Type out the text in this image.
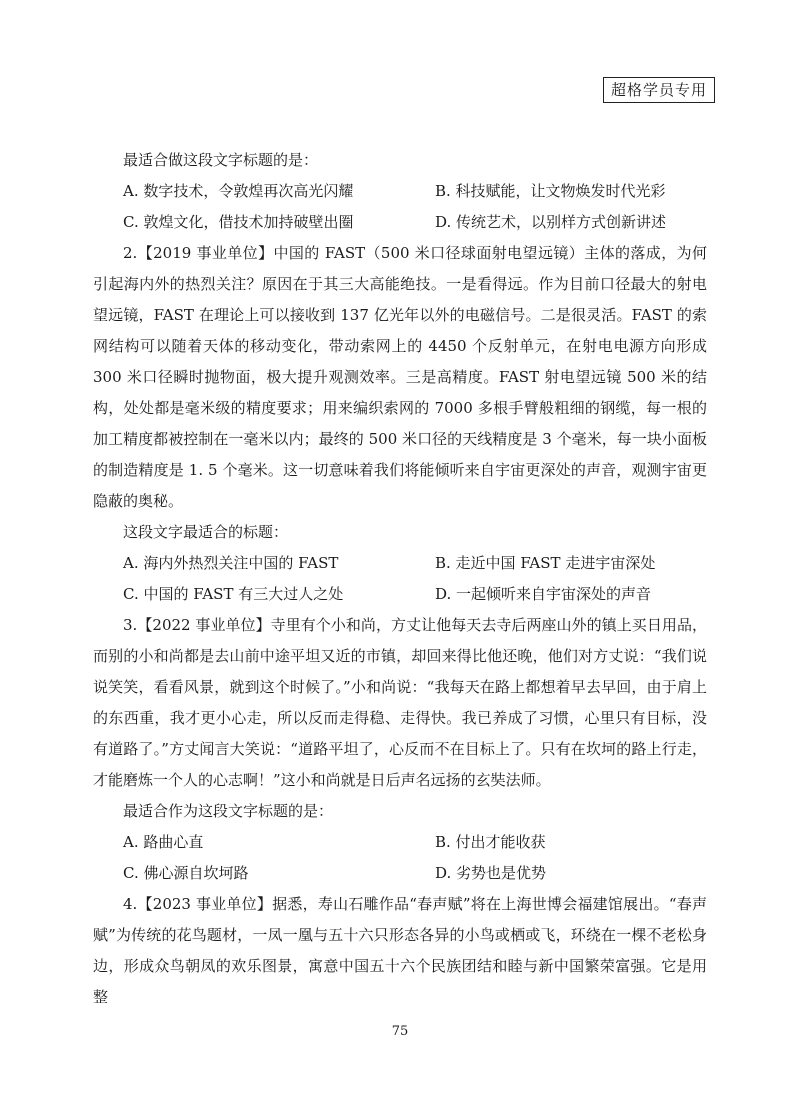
超格学员专用

最适合做这段文字标题的是：

A. 数字技术，令敦煌再次高光闪耀	B. 科技赋能，让文物焕发时代光彩
C. 敦煌文化，借技术加持破壁出圈	D. 传统艺术，以别样方式创新讲述

2.【2019 事业单位】中国的 FAST（500 米口径球面射电望远镜）主体的落成，为何引起海内外的热烈关注？原因在于其三大高能绝技。一是看得远。作为目前口径最大的射电望远镜，FAST 在理论上可以接收到 137 亿光年以外的电磁信号。二是很灵活。FAST 的索网结构可以随着天体的移动变化，带动索网上的 4450 个反射单元，在射电电源方向形成 300 米口径瞬时抛物面，极大提升观测效率。三是高精度。FAST 射电望远镜 500 米的结构，处处都是毫米级的精度要求；用来编织索网的 7000 多根手臂般粗细的钢缆，每一根的加工精度都被控制在一毫米以内；最终的 500 米口径的天线精度是 3 个毫米，每一块小面板的制造精度是 1. 5 个毫米。这一切意味着我们将能倾听来自宇宙更深处的声音，观测宇宙更隐蔽的奥秘。

这段文字最适合的标题：

A. 海内外热烈关注中国的 FAST	B. 走近中国 FAST 走进宇宙深处
C. 中国的 FAST 有三大过人之处	D. 一起倾听来自宇宙深处的声音

3.【2022 事业单位】寺里有个小和尚，方丈让他每天去寺后两座山外的镇上买日用品，而别的小和尚都是去山前中途平坦又近的市镇，却回来得比他还晚，他们对方丈说：“我们说说笑笑，看看风景，就到这个时候了。”小和尚说：“我每天在路上都想着早去早回，由于肩上的东西重，我才更小心走，所以反而走得稳、走得快。我已养成了习惯，心里只有目标，没有道路了。”方丈闻言大笑说：“道路平坦了，心反而不在目标上了。只有在坎坷的路上行走，才能磨炼一个人的心志啊！”这小和尚就是日后声名远扬的玄奘法师。

最适合作为这段文字标题的是：

A. 路曲心直	B. 付出才能收获
C. 佛心源自坎坷路	D. 劣势也是优势

4.【2023 事业单位】据悉，寿山石雕作品“春声赋”将在上海世博会福建馆展出。“春声赋”为传统的花鸟题材，一凤一凰与五十六只形态各异的小鸟或栖或飞，环绕在一棵不老松身边，形成众鸟朝凤的欢乐图景，寓意中国五十六个民族团结和睦与新中国繁荣富强。它是用整

75
